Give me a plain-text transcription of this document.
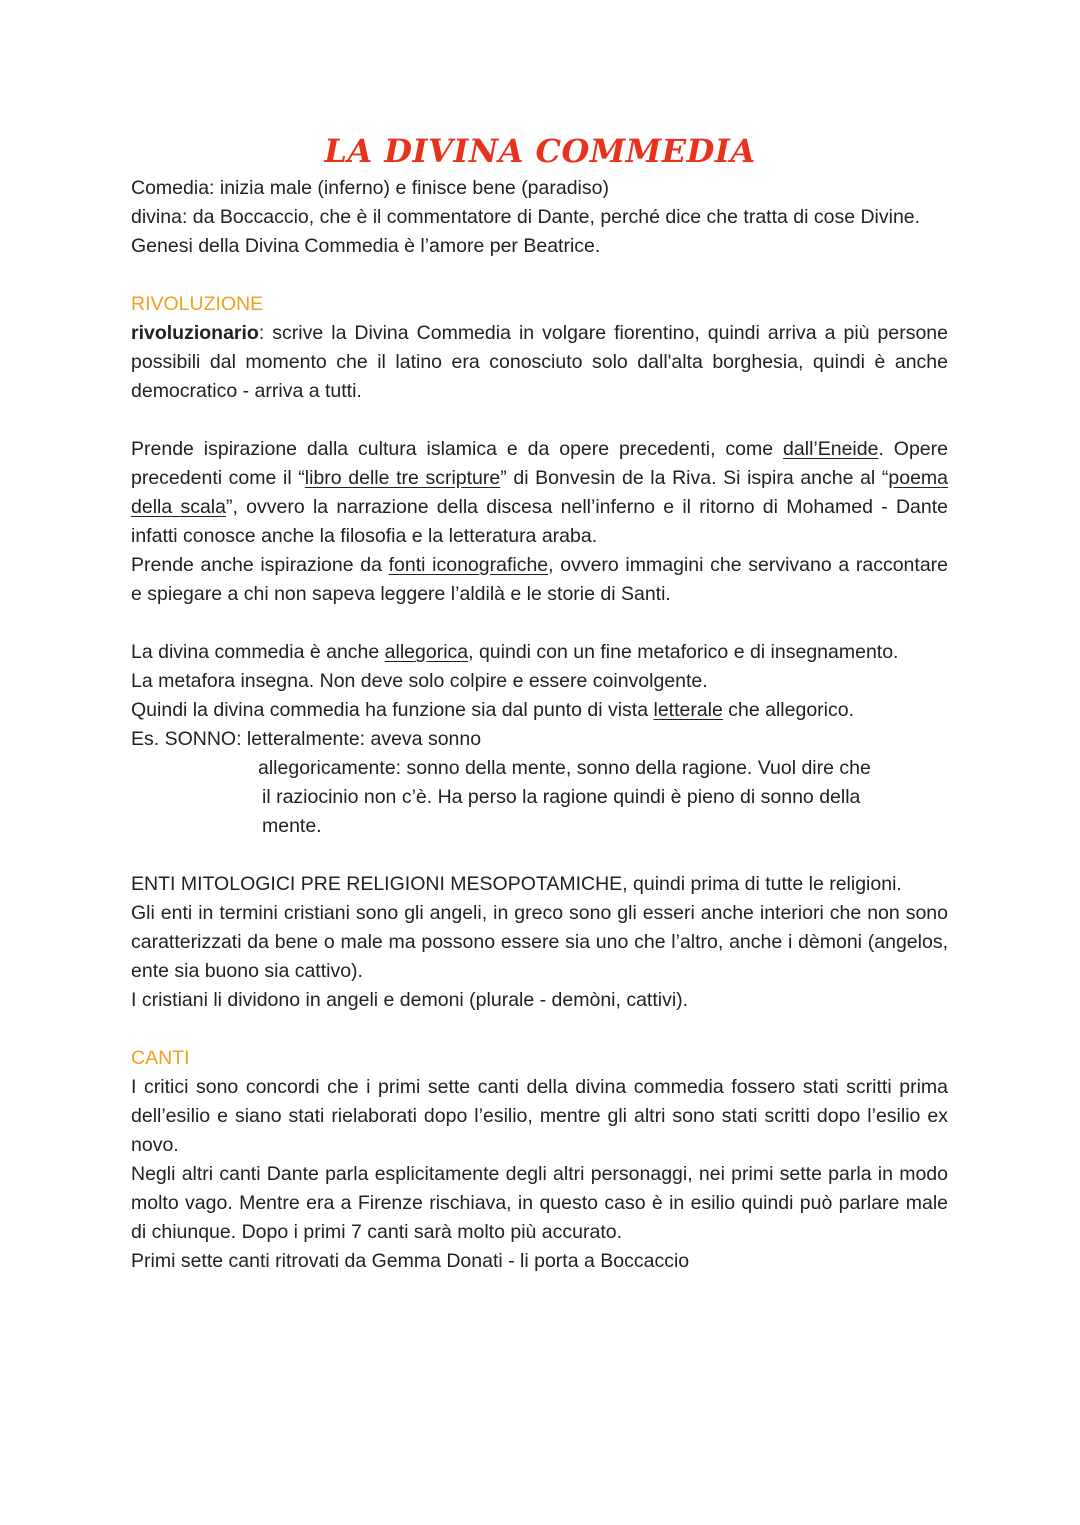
LA DIVINA COMMEDIA

Comedia: inizia male (inferno) e finisce bene (paradiso)

divina: da Boccaccio, che è il commentatore di Dante, perché dice che tratta di cose Divine.

Genesi della Divina Commedia è l’amore per Beatrice.

RIVOLUZIONE

rivoluzionario: scrive la Divina Commedia in volgare fiorentino, quindi arriva a più persone possibili dal momento che il latino era conosciuto solo dall'alta borghesia, quindi è anche democratico - arriva a tutti.

Prende ispirazione dalla cultura islamica e da opere precedenti, come dall’Eneide. Opere precedenti come il “libro delle tre scripture” di Bonvesin de la Riva. Si ispira anche al “poema della scala”, ovvero la narrazione della discesa nell’inferno e il ritorno di Mohamed - Dante infatti conosce anche la filosofia e la letteratura araba.

Prende anche ispirazione da fonti iconografiche, ovvero immagini che servivano a raccontare e spiegare a chi non sapeva leggere l’aldilà e le storie di Santi.

La divina commedia è anche allegorica, quindi con un fine metaforico e di insegnamento.

La metafora insegna. Non deve solo colpire e essere coinvolgente.

Quindi la divina commedia ha funzione sia dal punto di vista letterale che allegorico.

Es. SONNO: letteralmente: aveva sonno

allegoricamente: sonno della mente, sonno della ragione. Vuol dire che

il raziocinio non c’è. Ha perso la ragione quindi è pieno di sonno della

mente.

ENTI MITOLOGICI PRE RELIGIONI MESOPOTAMICHE, quindi prima di tutte le religioni.

Gli enti in termini cristiani sono gli angeli, in greco sono gli esseri anche interiori che non sono caratterizzati da bene o male ma possono essere sia uno che l’altro, anche i dèmoni (angelos, ente sia buono sia cattivo).

I cristiani li dividono in angeli e demoni (plurale - demòni, cattivi).

CANTI

I critici sono concordi che i primi sette canti della divina commedia fossero stati scritti prima dell’esilio e siano stati rielaborati dopo l’esilio, mentre gli altri sono stati scritti dopo l’esilio ex novo.

Negli altri canti Dante parla esplicitamente degli altri personaggi, nei primi sette parla in modo molto vago. Mentre era a Firenze rischiava, in questo caso è in esilio quindi può parlare male di chiunque. Dopo i primi 7 canti sarà molto più accurato.

Primi sette canti ritrovati da Gemma Donati - li porta a Boccaccio
